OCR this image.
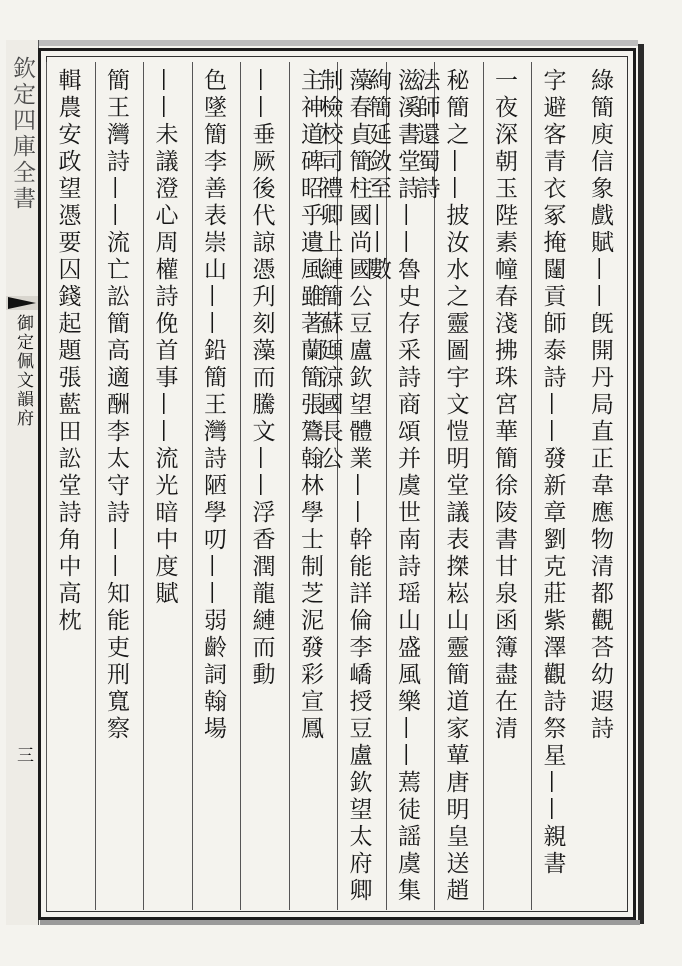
欽定四庫全書
御定佩文韻府
三
綠簡庾信象戲賦——旣開丹局直正韋應物清都觀荅幼遐詩
字避客青衣冢掩闥貢師泰詩——發新章劉克莊紫澤觀詩祭星——親書
一夜深朝玉陛素幢春淺拂珠宮華簡徐陵書甘泉函簿盡在清
秘簡之——披汝水之靈圖宇文愷明堂議表搩崧山靈簡道家蕇唐明皇送趙法師還蜀詩
滋溪書堂詩——魯史存采詩商頌并虞世南詩瑶山盛風樂——蔫徒謡虞集絢簡延敛至——數
藻春貞簡柱國尚國公豆盧欽望體業——幹能詳倫李嶠授豆盧欽望太府卿制檢校司禮卿上縺簡蘇頲涼國長公
主神道碑昭乎遺風雖著蘭簡張鷟翰林學士制芝泥發彩宣鳳
——垂厥後代諒憑刋刻藻而騰文——浮香潤龍縺而動
色墜簡李善表崇山——鉛簡王灣詩陋學叨——弱齡詞翰場
——未議澄心周權詩俛首事——流光暗中度賦
簡王灣詩——流亡訟簡高適酬李太守詩——知能吏刑寬察
輯農安政望憑要囚錢起題張藍田訟堂詩角中高枕
